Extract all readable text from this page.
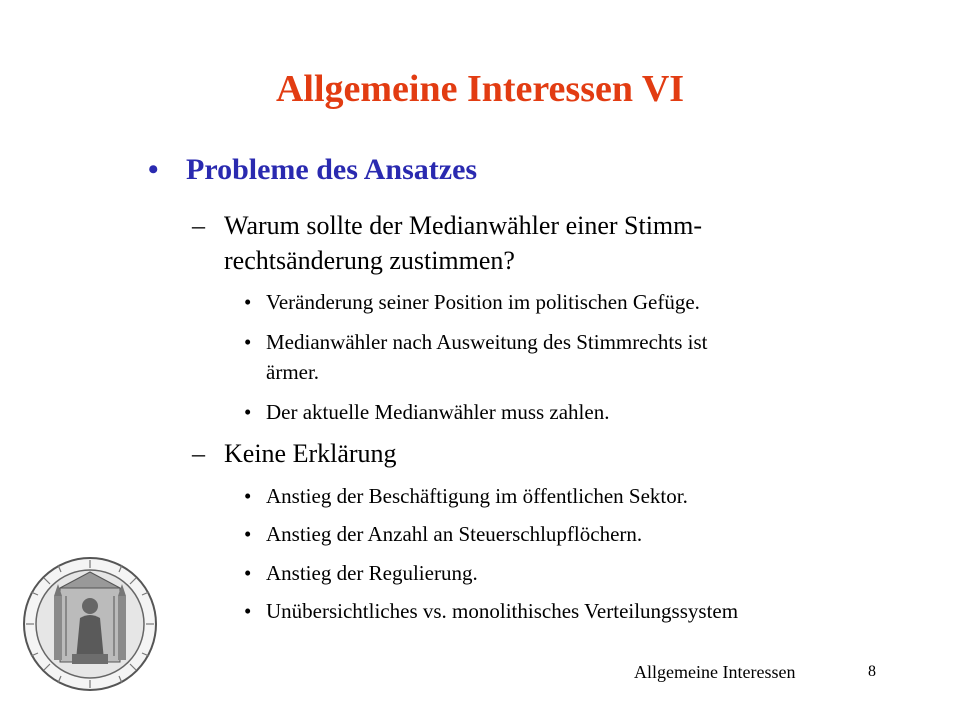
Allgemeine Interessen VI
• Probleme des Ansatzes
– Warum sollte der Medianwähler einer Stimm-
rechtsänderung zustimmen?
• Veränderung seiner Position im politischen Gefüge.
• Medianwähler nach Ausweitung des Stimmrechts ist
ärmer.
• Der aktuelle Medianwähler muss zahlen.
– Keine Erklärung
• Anstieg der Beschäftigung im öffentlichen Sektor.
• Anstieg der Anzahl an Steuerschlupflöchern.
• Anstieg der Regulierung.
• Unübersichtliches vs. monolithisches Verteilungssystem
Allgemeine Interessen	8
